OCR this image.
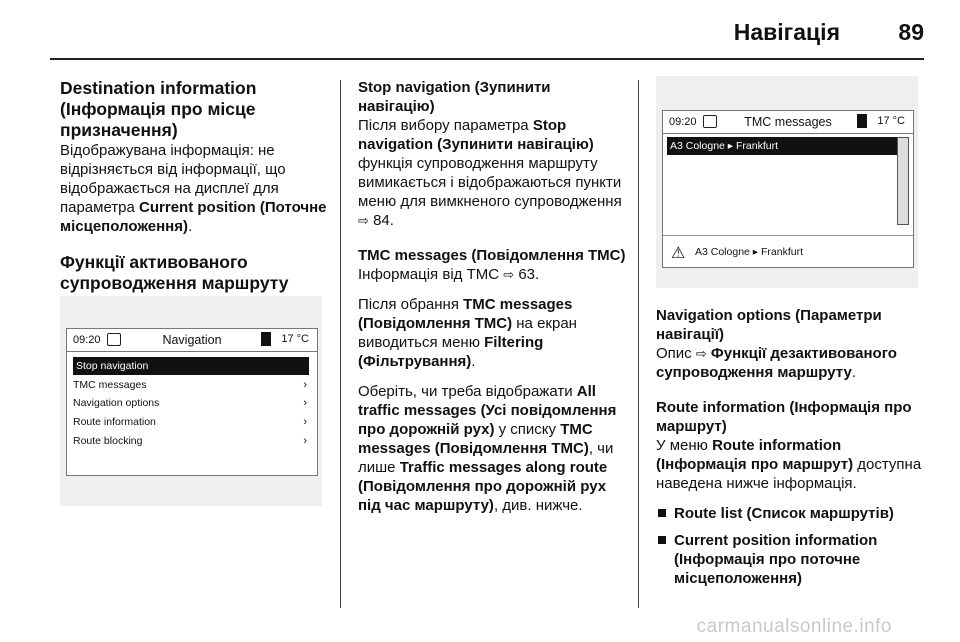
Навігація	89
Destination information (Інформація про місце призначення)

Відображувана інформація: не відрізняється від інформації, що відображається на дисплеї для параметра Current position (Поточне місцеположення).

Функції активованого супроводження маршруту
09:20	Navigation	17 °C
Stop navigation
TMC messages	›
Navigation options	›
Route information	›
Route blocking	›
Stop navigation (Зупинити навігацію)

Після вибору параметра Stop navigation (Зупинити навігацію) функція супроводження маршруту вимикається і відображаються пункти меню для вимкненого супроводження ⇨ 84.

TMC messages (Повідомлення TMC)

Інформація від TMC ⇨ 63.

Після обрання TMC messages (Повідомлення TMC) на екран виводиться меню Filtering (Фільтрування).

Оберіть, чи треба відображати All traffic messages (Усі повідомлення про дорожній рух) у списку TMC messages (Повідомлення TMC), чи лише Traffic messages along route (Повідомлення про дорожній рух під час маршруту), див. нижче.

09:20	TMC messages	17 °C
A3 Cologne ▸ Frankfurt
⚠ A3 Cologne ▸ Frankfurt
Navigation options (Параметри навігації)

Опис ⇨ Функції дезактивованого супроводження маршруту.

Route information (Інформація про маршрут)

У меню Route information (Інформація про маршрут) доступна наведена нижче інформація.

Route list (Список маршрутів)
Current position information (Інформація про поточне місцеположення)
carmanualsonline.info
